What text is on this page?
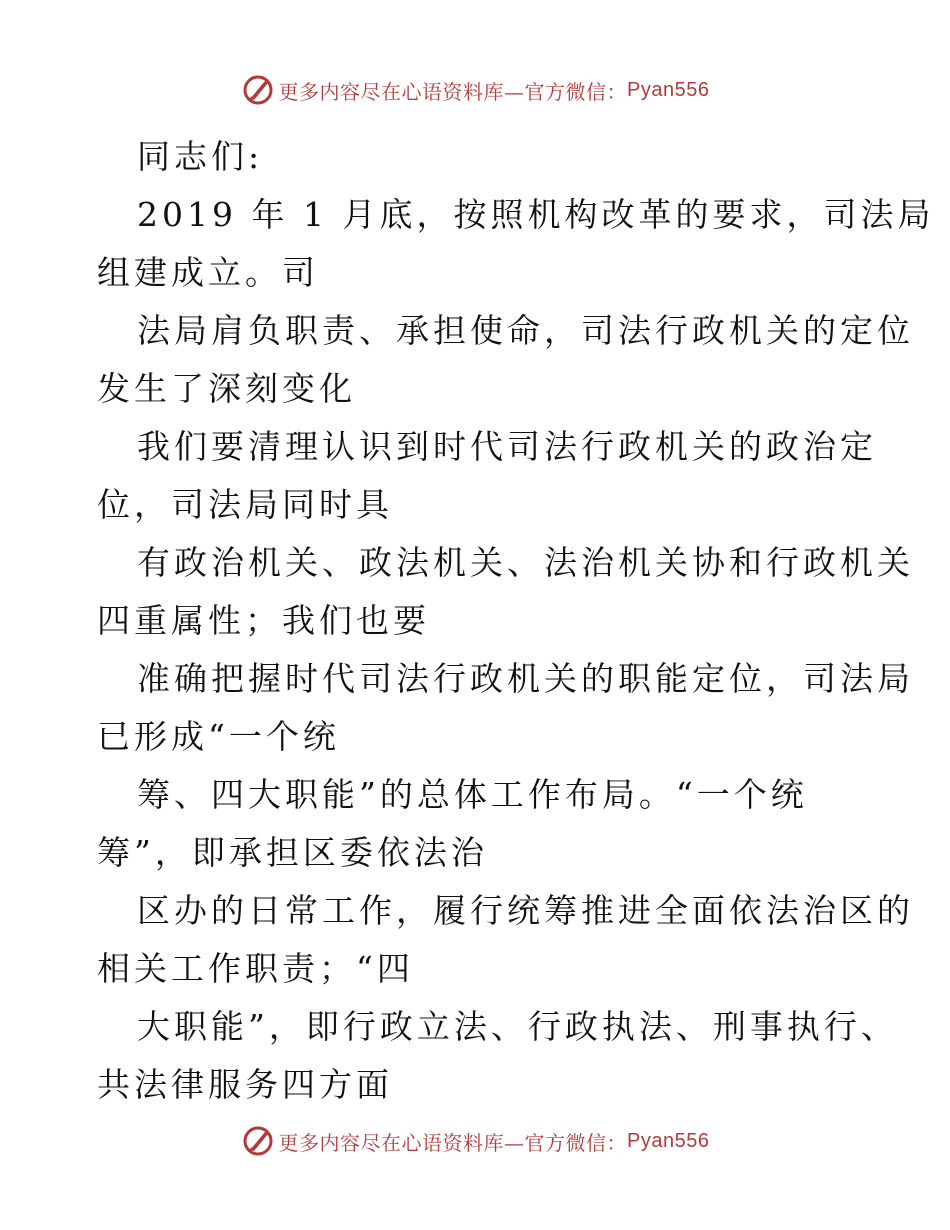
更多内容尽在心语资料库—官方微信： Pyan556
同志们:
2019 年 1 月底，按照机构改革的要求，司法局
组建成立。司
法局肩负职责、承担使命，司法行政机关的定位
发生了深刻变化
我们要清理认识到时代司法行政机关的政治定
位，司法局同时具
有政治机关、政法机关、法治机关协和行政机关
四重属性；我们也要
准确把握时代司法行政机关的职能定位，司法局
已形成“一个统
筹、四大职能”的总体工作布局。“一个统
筹”，即承担区委依法治
区办的日常工作，履行统筹推进全面依法治区的
相关工作职责；“四
大职能”，即行政立法、行政执法、刑事执行、
共法律服务四方面
更多内容尽在心语资料库—官方微信： Pyan556
